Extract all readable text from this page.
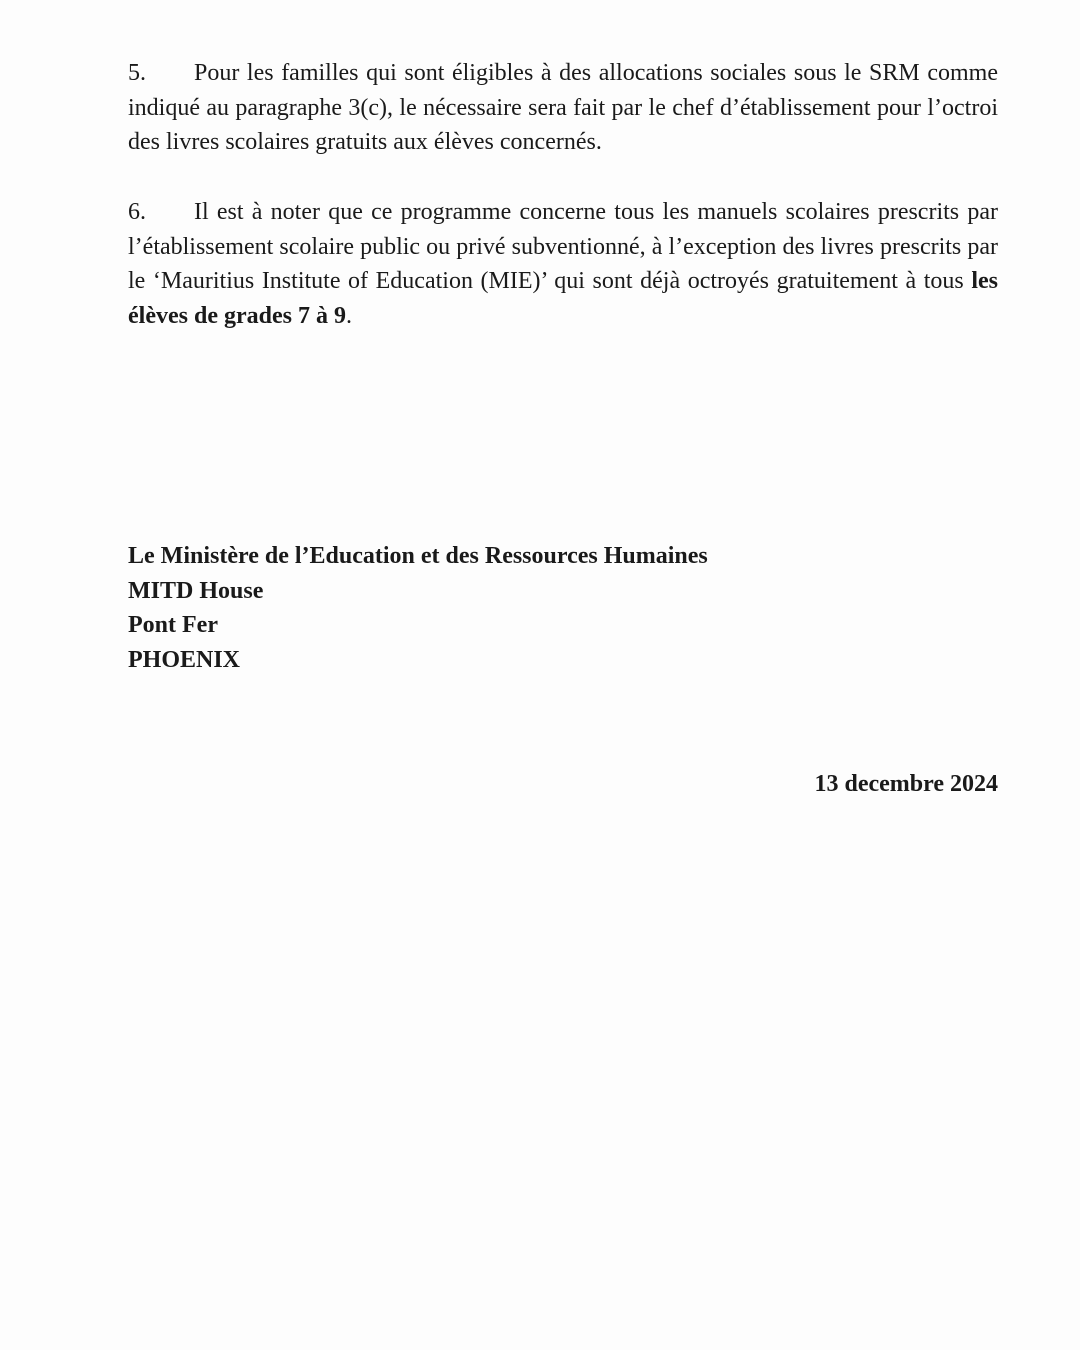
5. Pour les familles qui sont éligibles à des allocations sociales sous le SRM comme indiqué au paragraphe 3(c), le nécessaire sera fait par le chef d’établissement pour l’octroi des livres scolaires gratuits aux élèves concernés.
6. Il est à noter que ce programme concerne tous les manuels scolaires prescrits par l’établissement scolaire public ou privé subventionné, à l’exception des livres prescrits par le ‘Mauritius Institute of Education (MIE)’ qui sont déjà octroyés gratuitement à tous les élèves de grades 7 à 9.
Le Ministère de l’Education et des Ressources Humaines
MITD House
Pont Fer
PHOENIX
13 decembre 2024
